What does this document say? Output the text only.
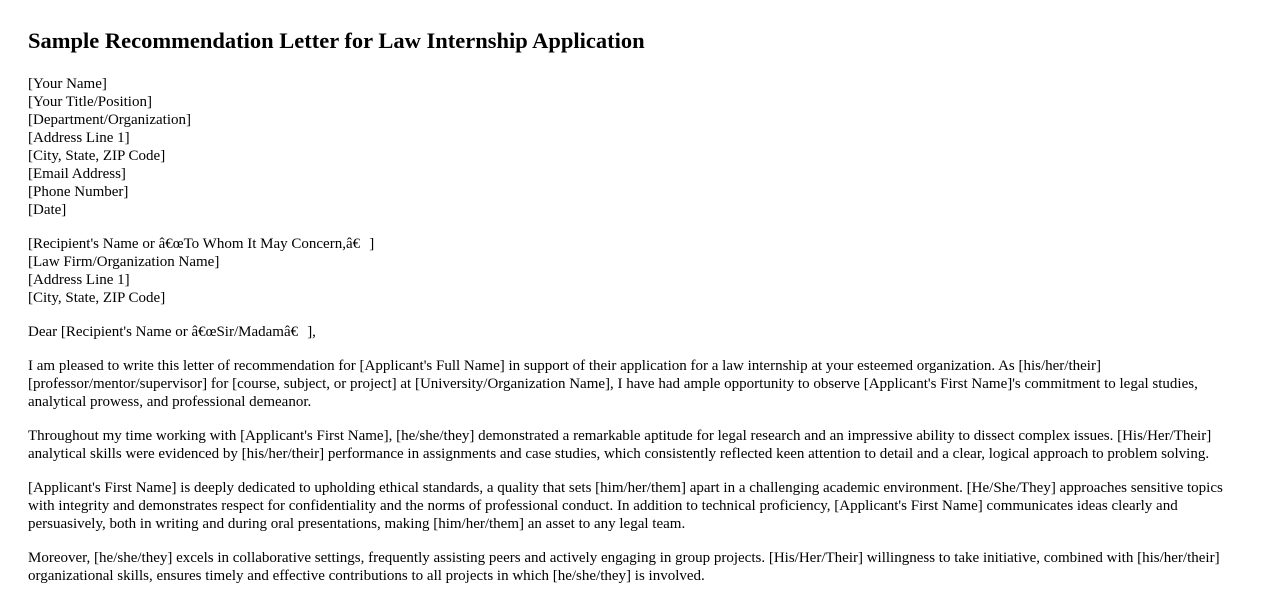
Sample Recommendation Letter for Law Internship Application
[Your Name]
[Your Title/Position]
[Department/Organization]
[Address Line 1]
[City, State, ZIP Code]
[Email Address]
[Phone Number]
[Date]
[Recipient's Name or â€œTo Whom It May Concern,â€]
[Law Firm/Organization Name]
[Address Line 1]
[City, State, ZIP Code]

Dear [Recipient's Name or â€œSir/Madamâ€],

I am pleased to write this letter of recommendation for [Applicant's Full Name] in support of their application for a law internship at your esteemed organization. As [his/her/their] [professor/mentor/supervisor] for [course, subject, or project] at [University/Organization Name], I have had ample opportunity to observe [Applicant's First Name]'s commitment to legal studies, analytical prowess, and professional demeanor.

Throughout my time working with [Applicant's First Name], [he/she/they] demonstrated a remarkable aptitude for legal research and an impressive ability to dissect complex issues. [His/Her/Their] analytical skills were evidenced by [his/her/their] performance in assignments and case studies, which consistently reflected keen attention to detail and a clear, logical approach to problem solving.

[Applicant's First Name] is deeply dedicated to upholding ethical standards, a quality that sets [him/her/them] apart in a challenging academic environment. [He/She/They] approaches sensitive topics with integrity and demonstrates respect for confidentiality and the norms of professional conduct. In addition to technical proficiency, [Applicant's First Name] communicates ideas clearly and persuasively, both in writing and during oral presentations, making [him/her/them] an asset to any legal team.

Moreover, [he/she/they] excels in collaborative settings, frequently assisting peers and actively engaging in group projects. [His/Her/Their] willingness to take initiative, combined with [his/her/their] organizational skills, ensures timely and effective contributions to all projects in which [he/she/they] is involved.
